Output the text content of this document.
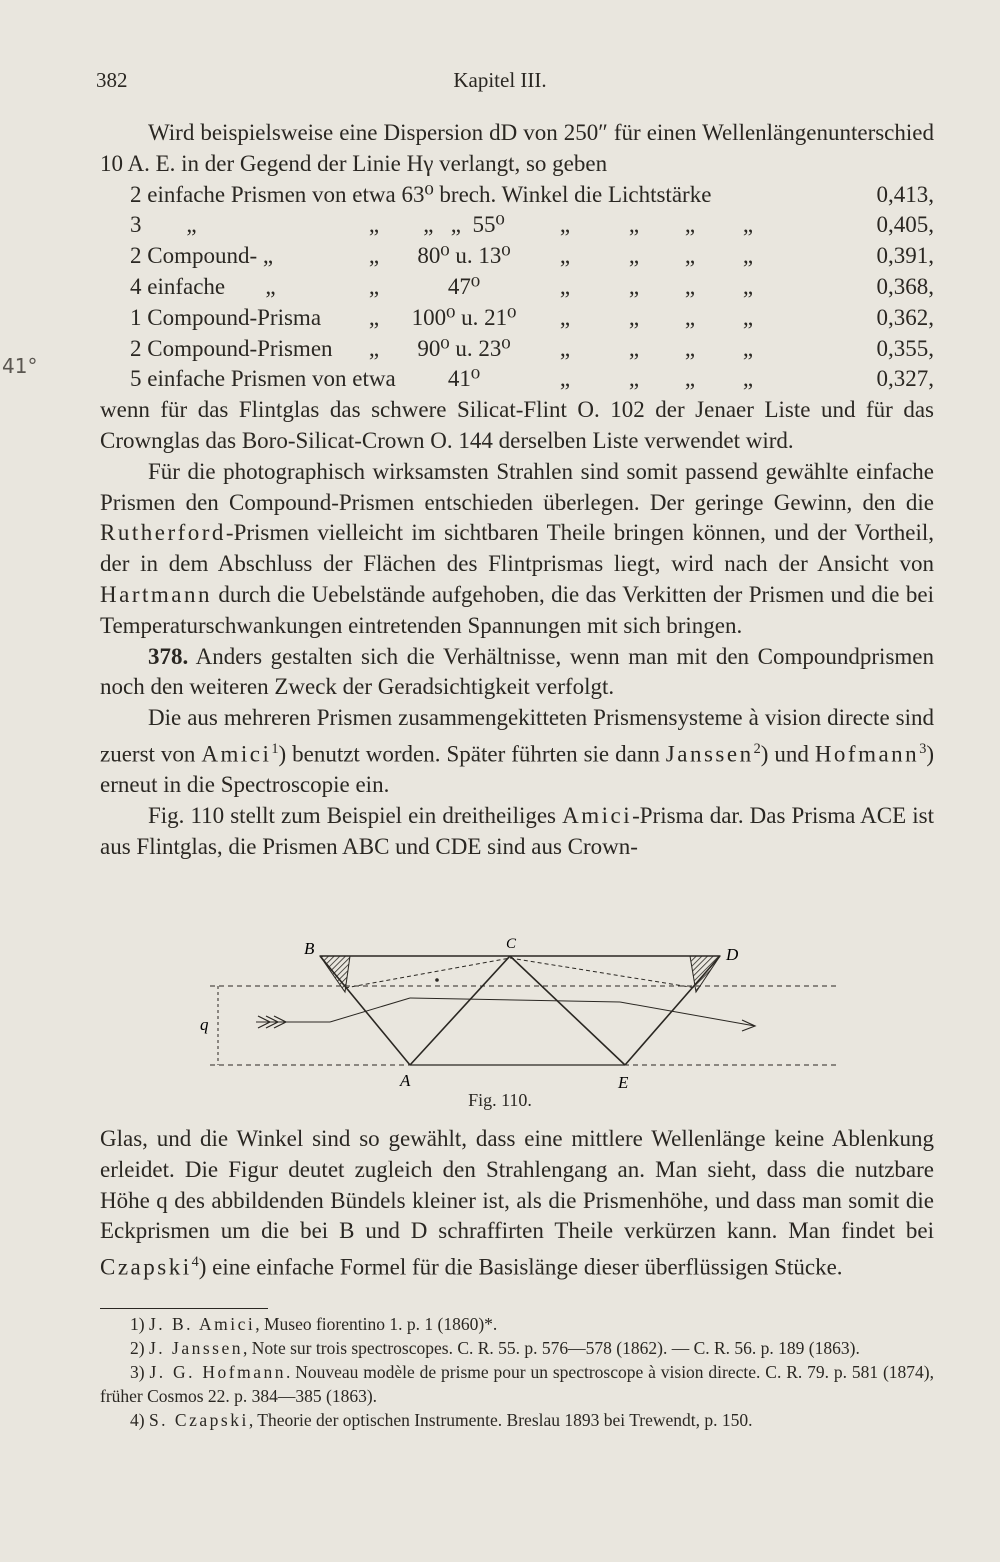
382	Kapitel III.
41°

Wird beispielsweise eine Dispersion dD von 250″ für einen Wellenlängenunterschied 10 A. E. in der Gegend der Linie Hγ verlangt, so geben

2 einfache Prismen von etwa 63⁰ brech. Winkel die Lichtstärke							0,413,
3 „	„	„ „ 55⁰	„	„	„	„	0,405,
2 Compound- „	„	80⁰ u. 13⁰	„	„	„	„	0,391,
4 einfache „	„	47⁰	„	„	„	„	0,368,
1 Compound-Prisma	„	100⁰ u. 21⁰	„	„	„	„	0,362,
2 Compound-Prismen	„	90⁰ u. 23⁰	„	„	„	„	0,355,
5 einfache Prismen von etwa		41⁰	„	„	„	„	0,327,

wenn für das Flintglas das schwere Silicat-Flint O. 102 der Jenaer Liste und für das Crownglas das Boro-Silicat-Crown O. 144 derselben Liste verwendet wird.

Für die photographisch wirksamsten Strahlen sind somit passend gewählte einfache Prismen den Compound-Prismen entschieden überlegen. Der geringe Gewinn, den die Rutherford-Prismen vielleicht im sichtbaren Theile bringen können, und der Vortheil, der in dem Abschluss der Flächen des Flintprismas liegt, wird nach der Ansicht von Hartmann durch die Uebelstände aufgehoben, die das Verkitten der Prismen und die bei Temperaturschwankungen eintretenden Spannungen mit sich bringen.

378. Anders gestalten sich die Verhältnisse, wenn man mit den Compoundprismen noch den weiteren Zweck der Geradsichtigkeit verfolgt.

Die aus mehreren Prismen zusammengekitteten Prismensysteme à vision directe sind zuerst von Amici$^1$) benutzt worden. Später führten sie dann Janssen$^2$) und Hofmann$^3$) erneut in die Spectroscopie ein.

Fig. 110 stellt zum Beispiel ein dreitheiliges Amici-Prisma dar. Das Prisma ACE ist aus Flintglas, die Prismen ABC und CDE sind aus Crown-

B	C
D
A	E
q
Fig. 110.

Glas, und die Winkel sind so gewählt, dass eine mittlere Wellenlänge keine Ablenkung erleidet. Die Figur deutet zugleich den Strahlengang an. Man sieht, dass die nutzbare Höhe q des abbildenden Bündels kleiner ist, als die Prismenhöhe, und dass man somit die Eckprismen um die bei B und D schraffirten Theile verkürzen kann. Man findet bei Czapski$^4$) eine einfache Formel für die Basislänge dieser überflüssigen Stücke.

1) J. B. Amici, Museo fiorentino 1. p. 1 (1860)*.

2) J. Janssen, Note sur trois spectroscopes. C. R. 55. p. 576—578 (1862). — C. R. 56. p. 189 (1863).

3) J. G. Hofmann. Nouveau modèle de prisme pour un spectroscope à vision directe. C. R. 79. p. 581 (1874), früher Cosmos 22. p. 384—385 (1863).

4) S. Czapski, Theorie der optischen Instrumente. Breslau 1893 bei Trewendt, p. 150.
